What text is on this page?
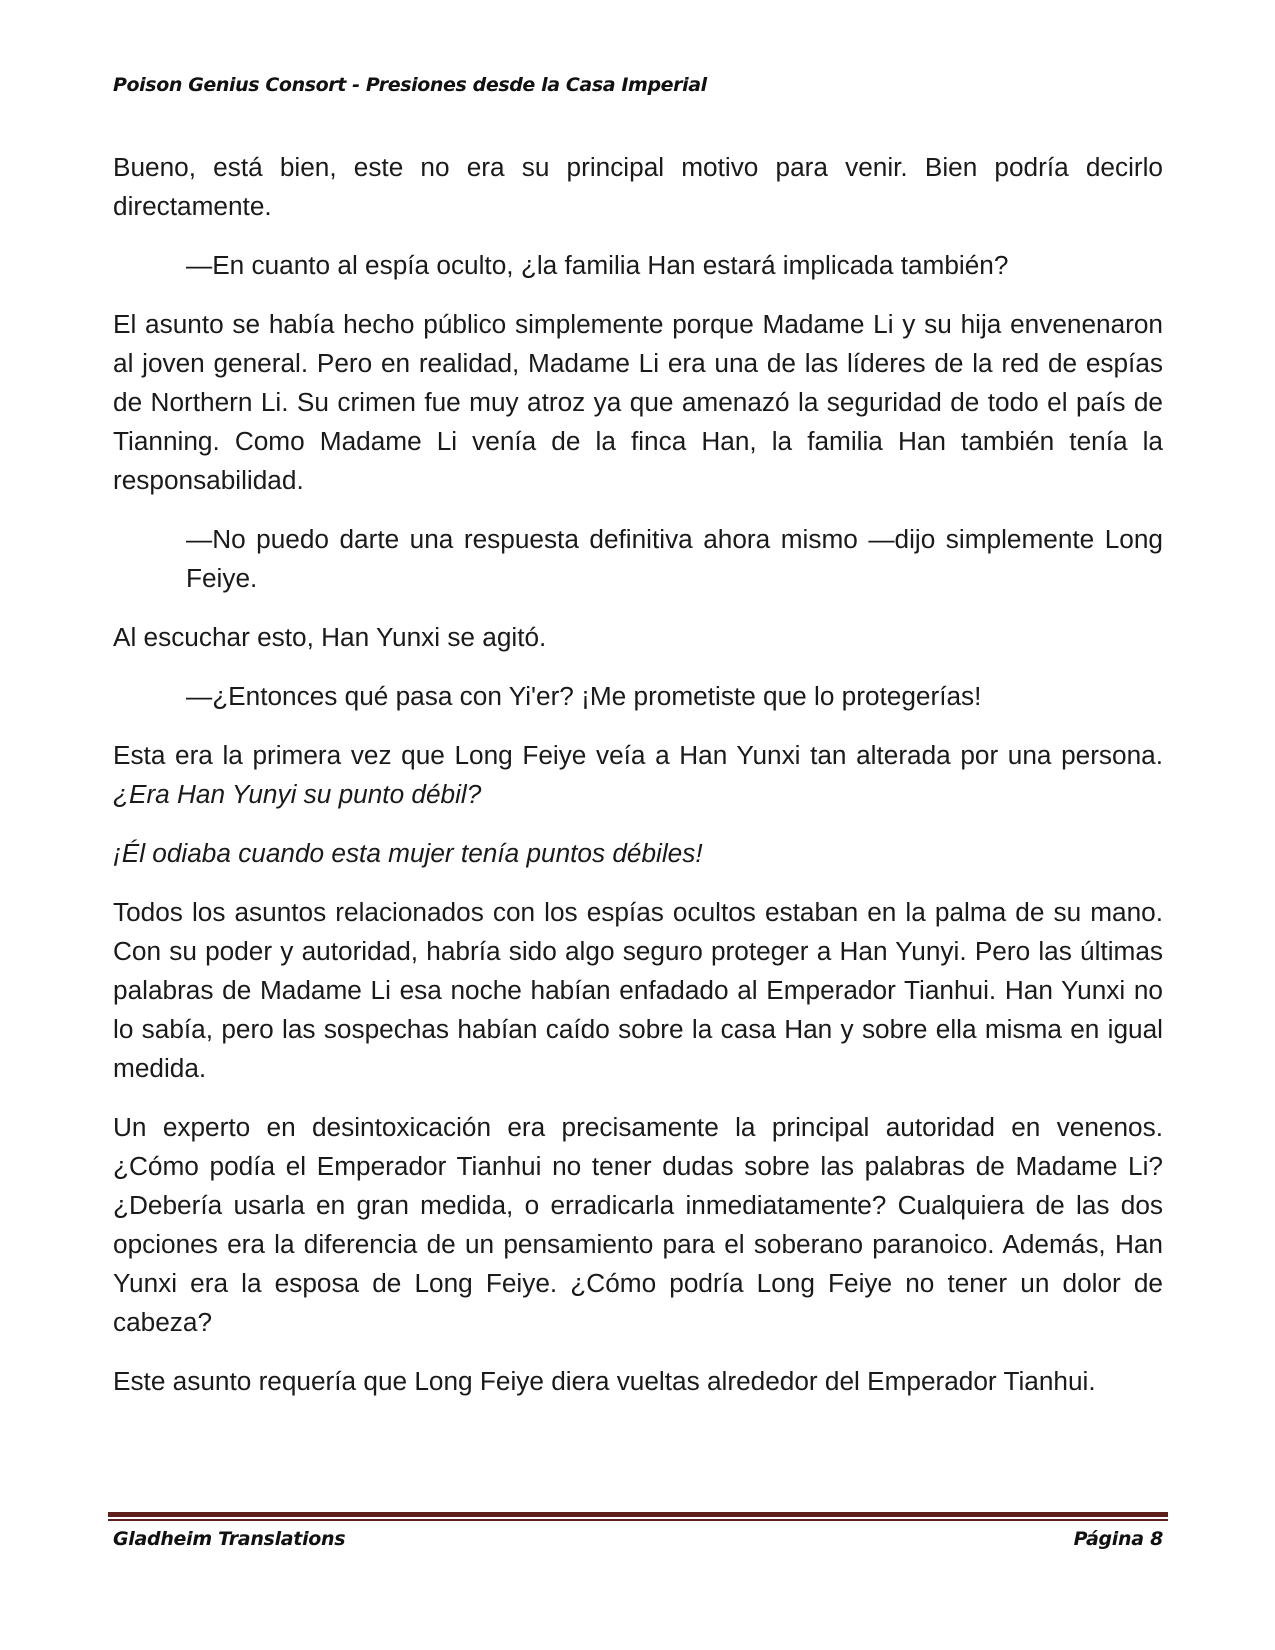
Poison Genius Consort - Presiones desde la Casa Imperial

Bueno, está bien, este no era su principal motivo para venir. Bien podría decirlo directamente.

—En cuanto al espía oculto, ¿la familia Han estará implicada también?

El asunto se había hecho público simplemente porque Madame Li y su hija envenenaron al joven general. Pero en realidad, Madame Li era una de las líderes de la red de espías de Northern Li. Su crimen fue muy atroz ya que amenazó la seguridad de todo el país de Tianning. Como Madame Li venía de la finca Han, la familia Han también tenía la responsabilidad.

—No puedo darte una respuesta definitiva ahora mismo —dijo simplemente Long Feiye.

Al escuchar esto, Han Yunxi se agitó.

—¿Entonces qué pasa con Yi'er? ¡Me prometiste que lo protegerías!

Esta era la primera vez que Long Feiye veía a Han Yunxi tan alterada por una persona. ¿Era Han Yunyi su punto débil?

¡Él odiaba cuando esta mujer tenía puntos débiles!

Todos los asuntos relacionados con los espías ocultos estaban en la palma de su mano. Con su poder y autoridad, habría sido algo seguro proteger a Han Yunyi. Pero las últimas palabras de Madame Li esa noche habían enfadado al Emperador Tianhui. Han Yunxi no lo sabía, pero las sospechas habían caído sobre la casa Han y sobre ella misma en igual medida.

Un experto en desintoxicación era precisamente la principal autoridad en venenos. ¿Cómo podía el Emperador Tianhui no tener dudas sobre las palabras de Madame Li? ¿Debería usarla en gran medida, o erradicarla inmediatamente? Cualquiera de las dos opciones era la diferencia de un pensamiento para el soberano paranoico. Además, Han Yunxi era la esposa de Long Feiye. ¿Cómo podría Long Feiye no tener un dolor de cabeza?

Este asunto requería que Long Feiye diera vueltas alrededor del Emperador Tianhui.

Gladheim Translations	Página 8
